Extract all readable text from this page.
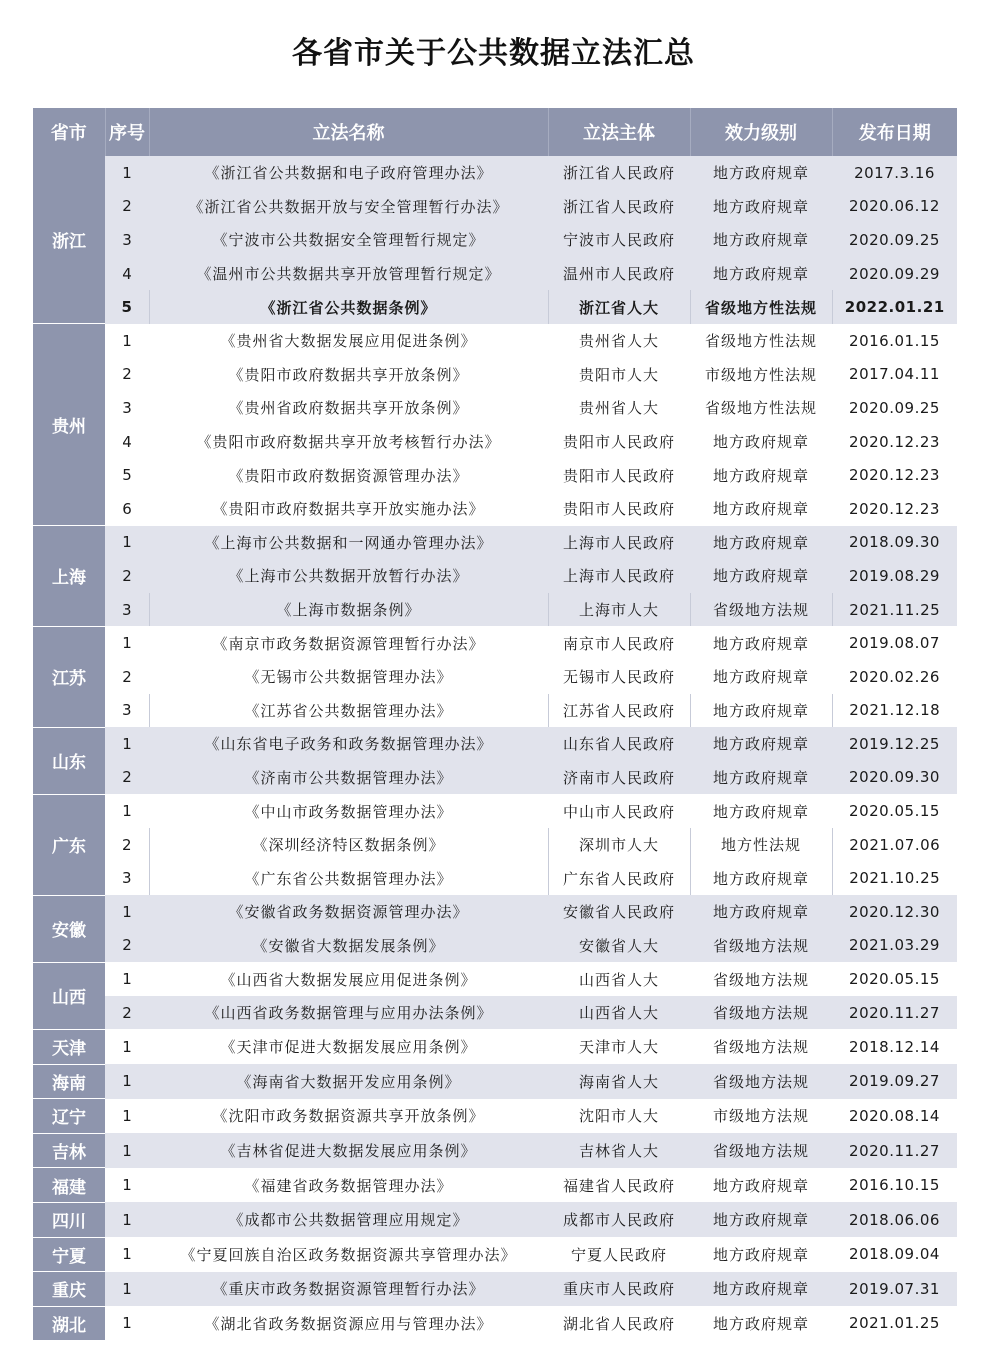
各省市关于公共数据立法汇总
省市	序号	立法名称	立法主体	效力级别	发布日期
浙江	1	《浙江省公共数据和电子政府管理办法》	浙江省人民政府	地方政府规章	2017.3.16
	2	《浙江省公共数据开放与安全管理暂行办法》	浙江省人民政府	地方政府规章	2020.06.12
	3	《宁波市公共数据安全管理暂行规定》	宁波市人民政府	地方政府规章	2020.09.25
	4	《温州市公共数据共享开放管理暂行规定》	温州市人民政府	地方政府规章	2020.09.29
	5	《浙江省公共数据条例》	浙江省人大	省级地方性法规	2022.01.21
贵州	1	《贵州省大数据发展应用促进条例》	贵州省人大	省级地方性法规	2016.01.15
	2	《贵阳市政府数据共享开放条例》	贵阳市人大	市级地方性法规	2017.04.11
	3	《贵州省政府数据共享开放条例》	贵州省人大	省级地方性法规	2020.09.25
	4	《贵阳市政府数据共享开放考核暂行办法》	贵阳市人民政府	地方政府规章	2020.12.23
	5	《贵阳市政府数据资源管理办法》	贵阳市人民政府	地方政府规章	2020.12.23
	6	《贵阳市政府数据共享开放实施办法》	贵阳市人民政府	地方政府规章	2020.12.23
上海	1	《上海市公共数据和一网通办管理办法》	上海市人民政府	地方政府规章	2018.09.30
	2	《上海市公共数据开放暂行办法》	上海市人民政府	地方政府规章	2019.08.29
	3	《上海市数据条例》	上海市人大	省级地方法规	2021.11.25
江苏	1	《南京市政务数据资源管理暂行办法》	南京市人民政府	地方政府规章	2019.08.07
	2	《无锡市公共数据管理办法》	无锡市人民政府	地方政府规章	2020.02.26
	3	《江苏省公共数据管理办法》	江苏省人民政府	地方政府规章	2021.12.18
山东	1	《山东省电子政务和政务数据管理办法》	山东省人民政府	地方政府规章	2019.12.25
	2	《济南市公共数据管理办法》	济南市人民政府	地方政府规章	2020.09.30
广东	1	《中山市政务数据管理办法》	中山市人民政府	地方政府规章	2020.05.15
	2	《深圳经济特区数据条例》	深圳市人大	地方性法规	2021.07.06
	3	《广东省公共数据管理办法》	广东省人民政府	地方政府规章	2021.10.25
安徽	1	《安徽省政务数据资源管理办法》	安徽省人民政府	地方政府规章	2020.12.30
	2	《安徽省大数据发展条例》	安徽省人大	省级地方法规	2021.03.29
山西	1	《山西省大数据发展应用促进条例》	山西省人大	省级地方法规	2020.05.15
	2	《山西省政务数据管理与应用办法条例》	山西省人大	省级地方法规	2020.11.27
天津	1	《天津市促进大数据发展应用条例》	天津市人大	省级地方法规	2018.12.14
海南	1	《海南省大数据开发应用条例》	海南省人大	省级地方法规	2019.09.27
辽宁	1	《沈阳市政务数据资源共享开放条例》	沈阳市人大	市级地方法规	2020.08.14
吉林	1	《吉林省促进大数据发展应用条例》	吉林省人大	省级地方法规	2020.11.27
福建	1	《福建省政务数据管理办法》	福建省人民政府	地方政府规章	2016.10.15
四川	1	《成都市公共数据管理应用规定》	成都市人民政府	地方政府规章	2018.06.06
宁夏	1	《宁夏回族自治区政务数据资源共享管理办法》	宁夏人民政府	地方政府规章	2018.09.04
重庆	1	《重庆市政务数据资源管理暂行办法》	重庆市人民政府	地方政府规章	2019.07.31
湖北	1	《湖北省政务数据资源应用与管理办法》	湖北省人民政府	地方政府规章	2021.01.25
